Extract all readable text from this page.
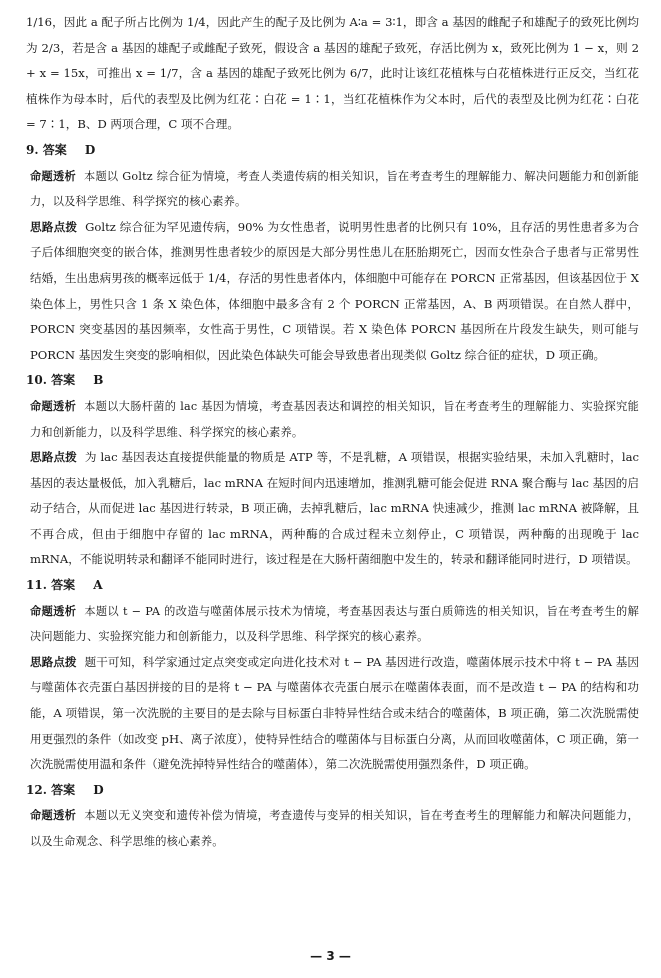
1/16，因此 a 配子所占比例为 1/4，因此产生的配子及比例为 A∶a = 3∶1，即含 a 基因的雌配子和雄配子的致死比例均为 2/3，若是含 a 基因的雄配子或雌配子致死，假设含 a 基因的雄配子致死，存活比例为 x，致死比例为 1 − x，则 2 + x = 15x，可推出 x = 1/7，含 a 基因的雄配子致死比例为 6/7，此时让该红花植株与白花植株进行正反交，当红花植株作为母本时，后代的表型及比例为红花∶白花 = 1∶1，当红花植株作为父本时，后代的表型及比例为红花∶白花 = 7∶1，B、D 两项合理，C 项不合理。

9. 答案 D

命题透析 本题以 Goltz 综合征为情境，考查人类遗传病的相关知识，旨在考查考生的理解能力、解决问题能力和创新能力，以及科学思维、科学探究的核心素养。

思路点拨 Goltz 综合征为罕见遗传病，90% 为女性患者，说明男性患者的比例只有 10%，且存活的男性患者多为合子后体细胞突变的嵌合体，推测男性患者较少的原因是大部分男性患儿在胚胎期死亡，因而女性杂合子患者与正常男性结婚，生出患病男孩的概率远低于 1/4，存活的男性患者体内，体细胞中可能存在 PORCN 正常基因，但该基因位于 X 染色体上，男性只含 1 条 X 染色体，体细胞中最多含有 2 个 PORCN 正常基因，A、B 两项错误。在自然人群中，PORCN 突变基因的基因频率，女性高于男性，C 项错误。若 X 染色体 PORCN 基因所在片段发生缺失，则可能与 PORCN 基因发生突变的影响相似，因此染色体缺失可能会导致患者出现类似 Goltz 综合征的症状，D 项正确。

10. 答案 B

命题透析 本题以大肠杆菌的 lac 基因为情境，考查基因表达和调控的相关知识，旨在考查考生的理解能力、实验探究能力和创新能力，以及科学思维、科学探究的核心素养。

思路点拨 为 lac 基因表达直接提供能量的物质是 ATP 等，不是乳糖，A 项错误，根据实验结果，未加入乳糖时，lac 基因的表达量极低，加入乳糖后，lac mRNA 在短时间内迅速增加，推测乳糖可能会促进 RNA 聚合酶与 lac 基因的启动子结合，从而促进 lac 基因进行转录，B 项正确，去掉乳糖后，lac mRNA 快速减少，推测 lac mRNA 被降解，且不再合成，但由于细胞中存留的 lac mRNA，两种酶的合成过程未立刻停止，C 项错误，两种酶的出现晚于 lac mRNA，不能说明转录和翻译不能同时进行，该过程是在大肠杆菌细胞中发生的，转录和翻译能同时进行，D 项错误。

11. 答案 A

命题透析 本题以 t − PA 的改造与噬菌体展示技术为情境，考查基因表达与蛋白质筛选的相关知识，旨在考查考生的解决问题能力、实验探究能力和创新能力，以及科学思维、科学探究的核心素养。

思路点拨 题干可知，科学家通过定点突变或定向进化技术对 t − PA 基因进行改造，噬菌体展示技术中将 t − PA 基因与噬菌体衣壳蛋白基因拼接的目的是将 t − PA 与噬菌体衣壳蛋白展示在噬菌体表面，而不是改造 t − PA 的结构和功能，A 项错误，第一次洗脱的主要目的是去除与目标蛋白非特异性结合或未结合的噬菌体，B 项正确，第二次洗脱需使用更强烈的条件（如改变 pH、离子浓度），使特异性结合的噬菌体与目标蛋白分离，从而回收噬菌体，C 项正确，第一次洗脱需使用温和条件（避免洗掉特异性结合的噬菌体），第二次洗脱需使用强烈条件，D 项正确。

12. 答案 D

命题透析 本题以无义突变和遗传补偿为情境，考查遗传与变异的相关知识，旨在考查考生的理解能力和解决问题能力，以及生命观念、科学思维的核心素养。

— 3 —
